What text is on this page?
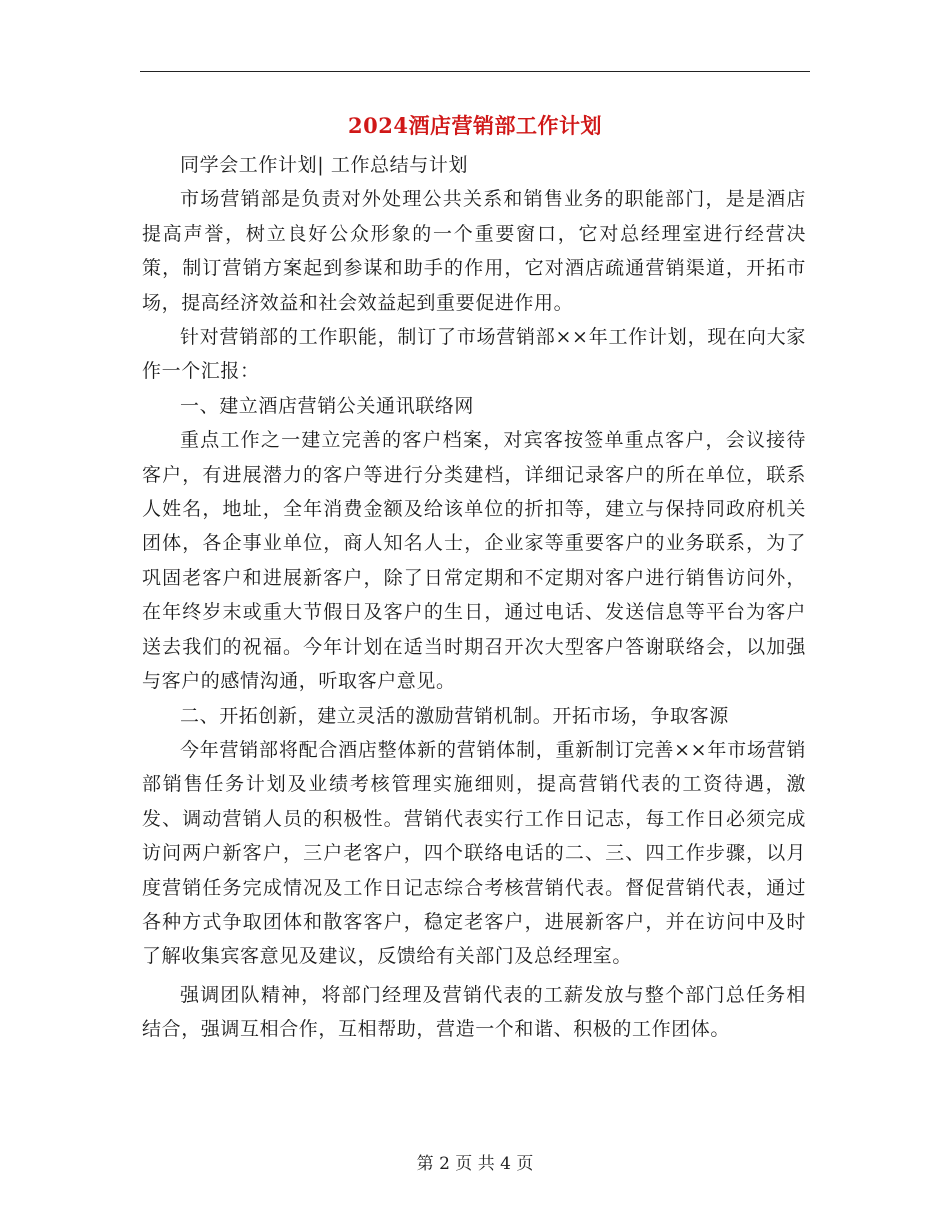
2024酒店营销部工作计划

同学会工作计划| 工作总结与计划

市场营销部是负责对外处理公共关系和销售业务的职能部门，是是酒店提高声誉，树立良好公众形象的一个重要窗口，它对总经理室进行经营决策，制订营销方案起到参谋和助手的作用，它对酒店疏通营销渠道，开拓市场，提高经济效益和社会效益起到重要促进作用。

针对营销部的工作职能，制订了市场营销部××年工作计划，现在向大家作一个汇报：

一、建立酒店营销公关通讯联络网

重点工作之一建立完善的客户档案，对宾客按签单重点客户，会议接待客户，有进展潜力的客户等进行分类建档，详细记录客户的所在单位，联系人姓名，地址，全年消费金额及给该单位的折扣等，建立与保持同政府机关团体，各企事业单位，商人知名人士，企业家等重要客户的业务联系，为了巩固老客户和进展新客户，除了日常定期和不定期对客户进行销售访问外，在年终岁末或重大节假日及客户的生日，通过电话、发送信息等平台为客户送去我们的祝福。今年计划在适当时期召开次大型客户答谢联络会，以加强与客户的感情沟通，听取客户意见。

二、开拓创新，建立灵活的激励营销机制。开拓市场，争取客源

今年营销部将配合酒店整体新的营销体制，重新制订完善××年市场营销部销售任务计划及业绩考核管理实施细则，提高营销代表的工资待遇，激发、调动营销人员的积极性。营销代表实行工作日记志，每工作日必须完成访问两户新客户，三户老客户，四个联络电话的二、三、四工作步骤，以月度营销任务完成情况及工作日记志综合考核营销代表。督促营销代表，通过各种方式争取团体和散客客户，稳定老客户，进展新客户，并在访问中及时了解收集宾客意见及建议，反馈给有关部门及总经理室。

强调团队精神，将部门经理及营销代表的工薪发放与整个部门总任务相结合，强调互相合作，互相帮助，营造一个和谐、积极的工作团体。

第 2 页 共 4 页
